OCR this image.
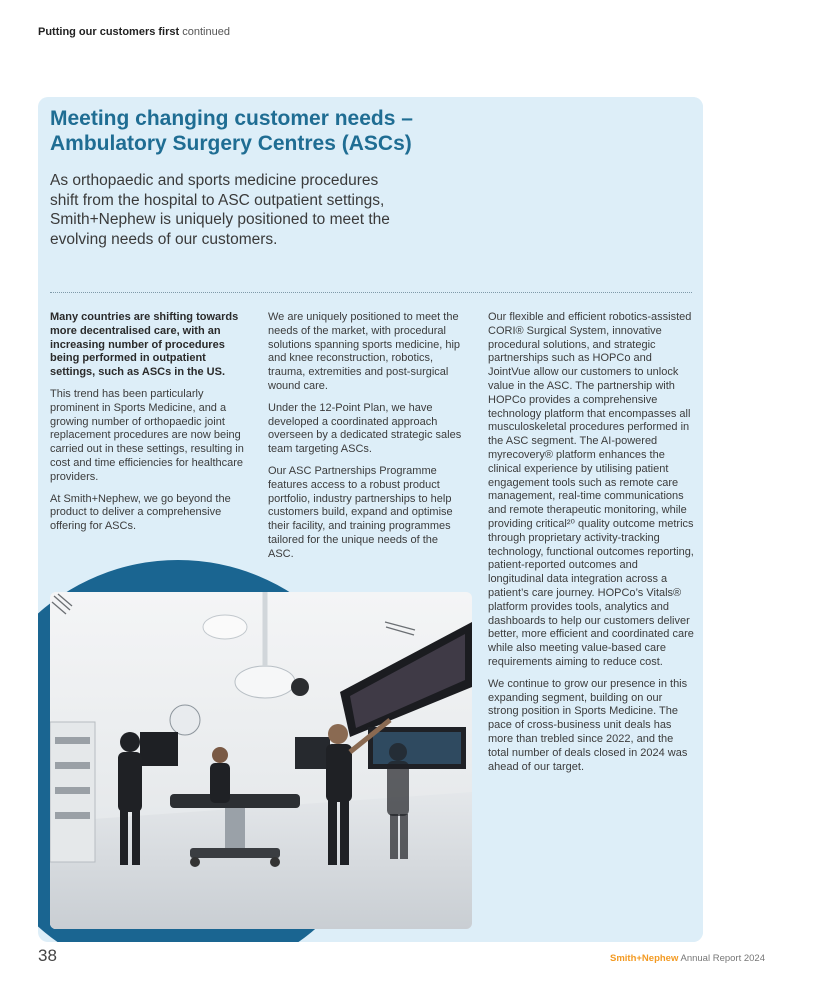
Putting our customers first continued
Meeting changing customer needs – Ambulatory Surgery Centres (ASCs)

As orthopaedic and sports medicine procedures shift from the hospital to ASC outpatient settings, Smith+Nephew is uniquely positioned to meet the evolving needs of our customers.

Many countries are shifting towards more decentralised care, with an increasing number of procedures being performed in outpatient settings, such as ASCs in the US.

This trend has been particularly prominent in Sports Medicine, and a growing number of orthopaedic joint replacement procedures are now being carried out in these settings, resulting in cost and time efficiencies for healthcare providers.

At Smith+Nephew, we go beyond the product to deliver a comprehensive offering for ASCs.

We are uniquely positioned to meet the needs of the market, with procedural solutions spanning sports medicine, hip and knee reconstruction, robotics, trauma, extremities and post-surgical wound care.

Under the 12-Point Plan, we have developed a coordinated approach overseen by a dedicated strategic sales team targeting ASCs.

Our ASC Partnerships Programme features access to a robust product portfolio, industry partnerships to help customers build, expand and optimise their facility, and training programmes tailored for the unique needs of the ASC.

Our flexible and efficient robotics-assisted CORI® Surgical System, innovative procedural solutions, and strategic partnerships such as HOPCo and JointVue allow our customers to unlock value in the ASC. The partnership with HOPCo provides a comprehensive technology platform that encompasses all musculoskeletal procedures performed in the ASC segment. The AI-powered myrecovery® platform enhances the clinical experience by utilising patient engagement tools such as remote care management, real-time communications and remote therapeutic monitoring, while providing critical²⁰ quality outcome metrics through proprietary activity-tracking technology, functional outcomes reporting, patient-reported outcomes and longitudinal data integration across a patient’s care journey. HOPCo’s Vitals® platform provides tools, analytics and dashboards to help our customers deliver better, more efficient and coordinated care while also meeting value-based care requirements aiming to reduce cost.

We continue to grow our presence in this expanding segment, building on our strong position in Sports Medicine. The pace of cross-business unit deals has more than trebled since 2022, and the total number of deals closed in 2024 was ahead of our target.

38	Smith+Nephew Annual Report 2024
